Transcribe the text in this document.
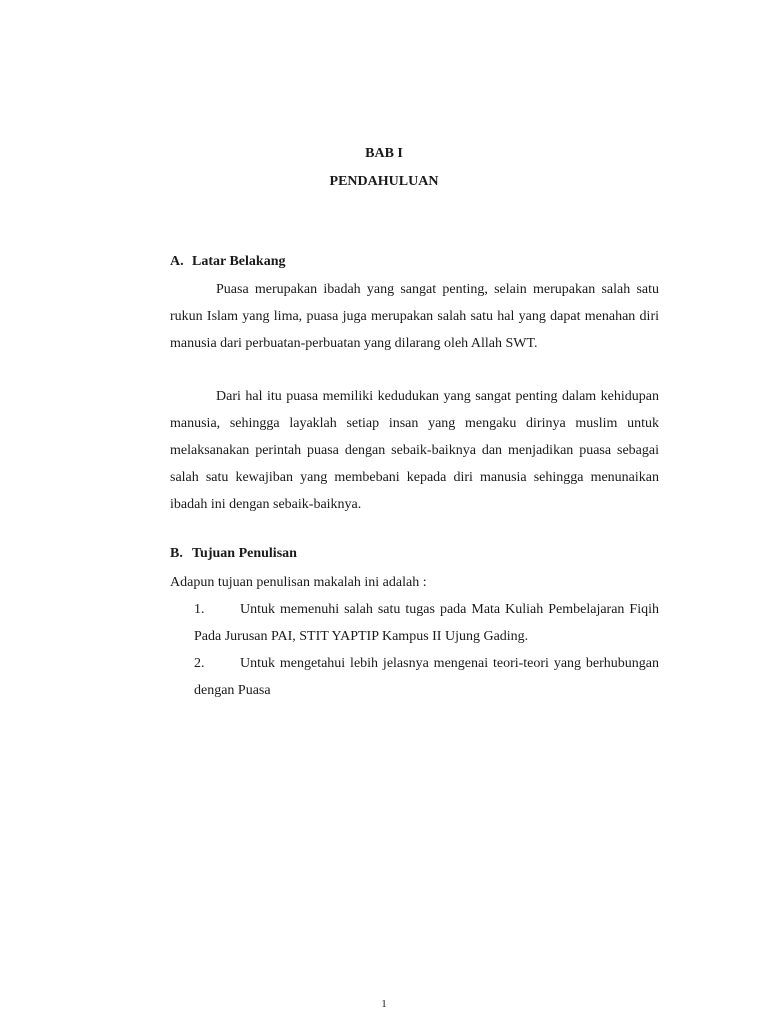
BAB I
PENDAHULUAN
A. Latar Belakang
Puasa merupakan ibadah yang sangat penting, selain merupakan salah satu rukun Islam yang lima, puasa juga merupakan salah satu hal yang dapat menahan diri manusia dari perbuatan-perbuatan yang dilarang oleh Allah SWT.
Dari hal itu puasa memiliki kedudukan yang sangat penting dalam kehidupan manusia, sehingga layaklah setiap insan yang mengaku dirinya muslim untuk melaksanakan perintah puasa dengan sebaik-baiknya dan menjadikan puasa sebagai salah satu kewajiban yang membebani kepada diri manusia sehingga menunaikan ibadah ini dengan sebaik-baiknya.
B. Tujuan Penulisan
Adapun tujuan penulisan makalah ini adalah :
1.	Untuk memenuhi salah satu tugas pada Mata Kuliah Pembelajaran Fiqih Pada Jurusan PAI, STIT YAPTIP Kampus II Ujung Gading.
2.	Untuk mengetahui lebih jelasnya mengenai teori-teori yang berhubungan dengan Puasa
1
